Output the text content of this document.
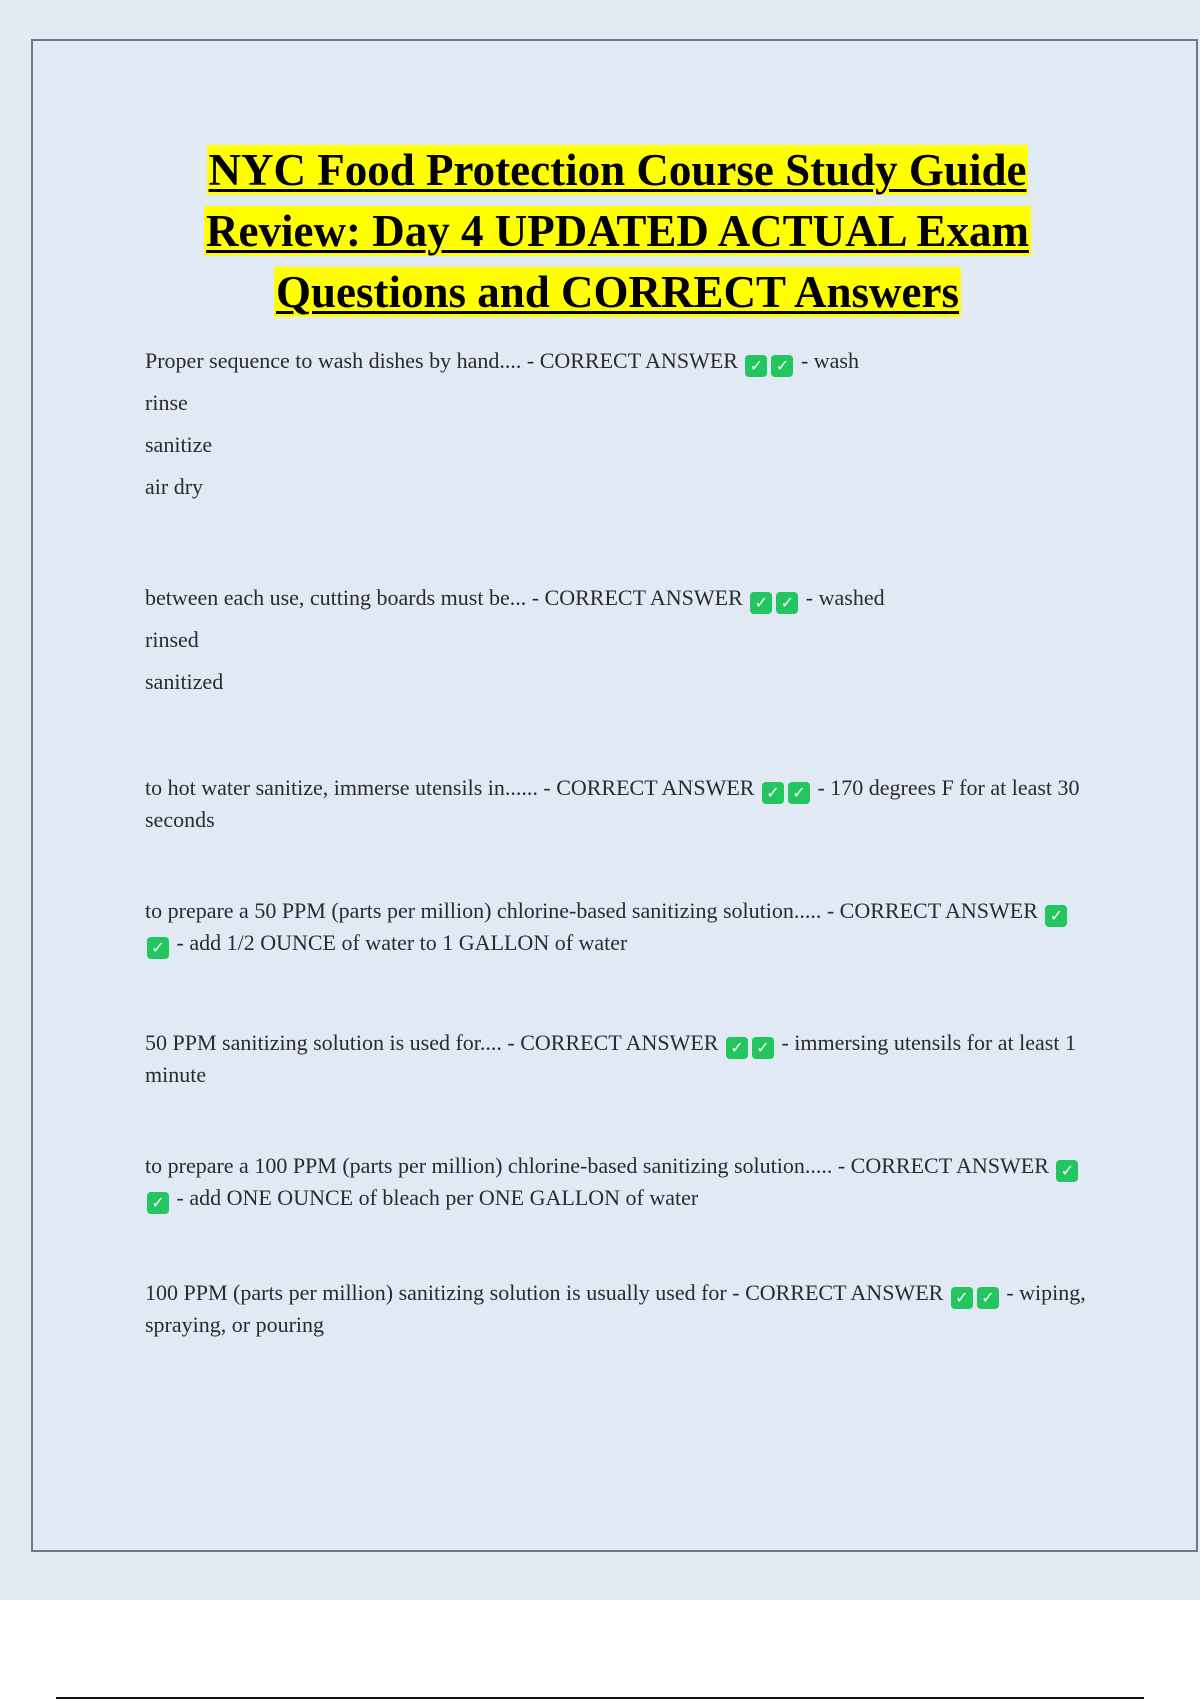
NYC Food Protection Course Study Guide
Review: Day 4 UPDATED ACTUAL Exam
Questions and CORRECT Answers

Proper sequence to wash dishes by hand.... - CORRECT ANSWER ✓ ✓ - wash

rinse

sanitize

air dry

between each use, cutting boards must be... - CORRECT ANSWER ✓ ✓ - washed

rinsed

sanitized

to hot water sanitize, immerse utensils in...... - CORRECT ANSWER ✓ ✓ - 170 degrees F for at least 30 seconds

to prepare a 50 PPM (parts per million) chlorine-based sanitizing solution..... - CORRECT ANSWER ✓✓ - add 1/2 OUNCE of water to 1 GALLON of water

50 PPM sanitizing solution is used for.... - CORRECT ANSWER ✓ ✓ - immersing utensils for at least 1 minute

to prepare a 100 PPM (parts per million) chlorine-based sanitizing solution..... - CORRECT ANSWER ✓✓ - add ONE OUNCE of bleach per ONE GALLON of water

100 PPM (parts per million) sanitizing solution is usually used for - CORRECT ANSWER ✓ ✓ - wiping, spraying, or pouring
